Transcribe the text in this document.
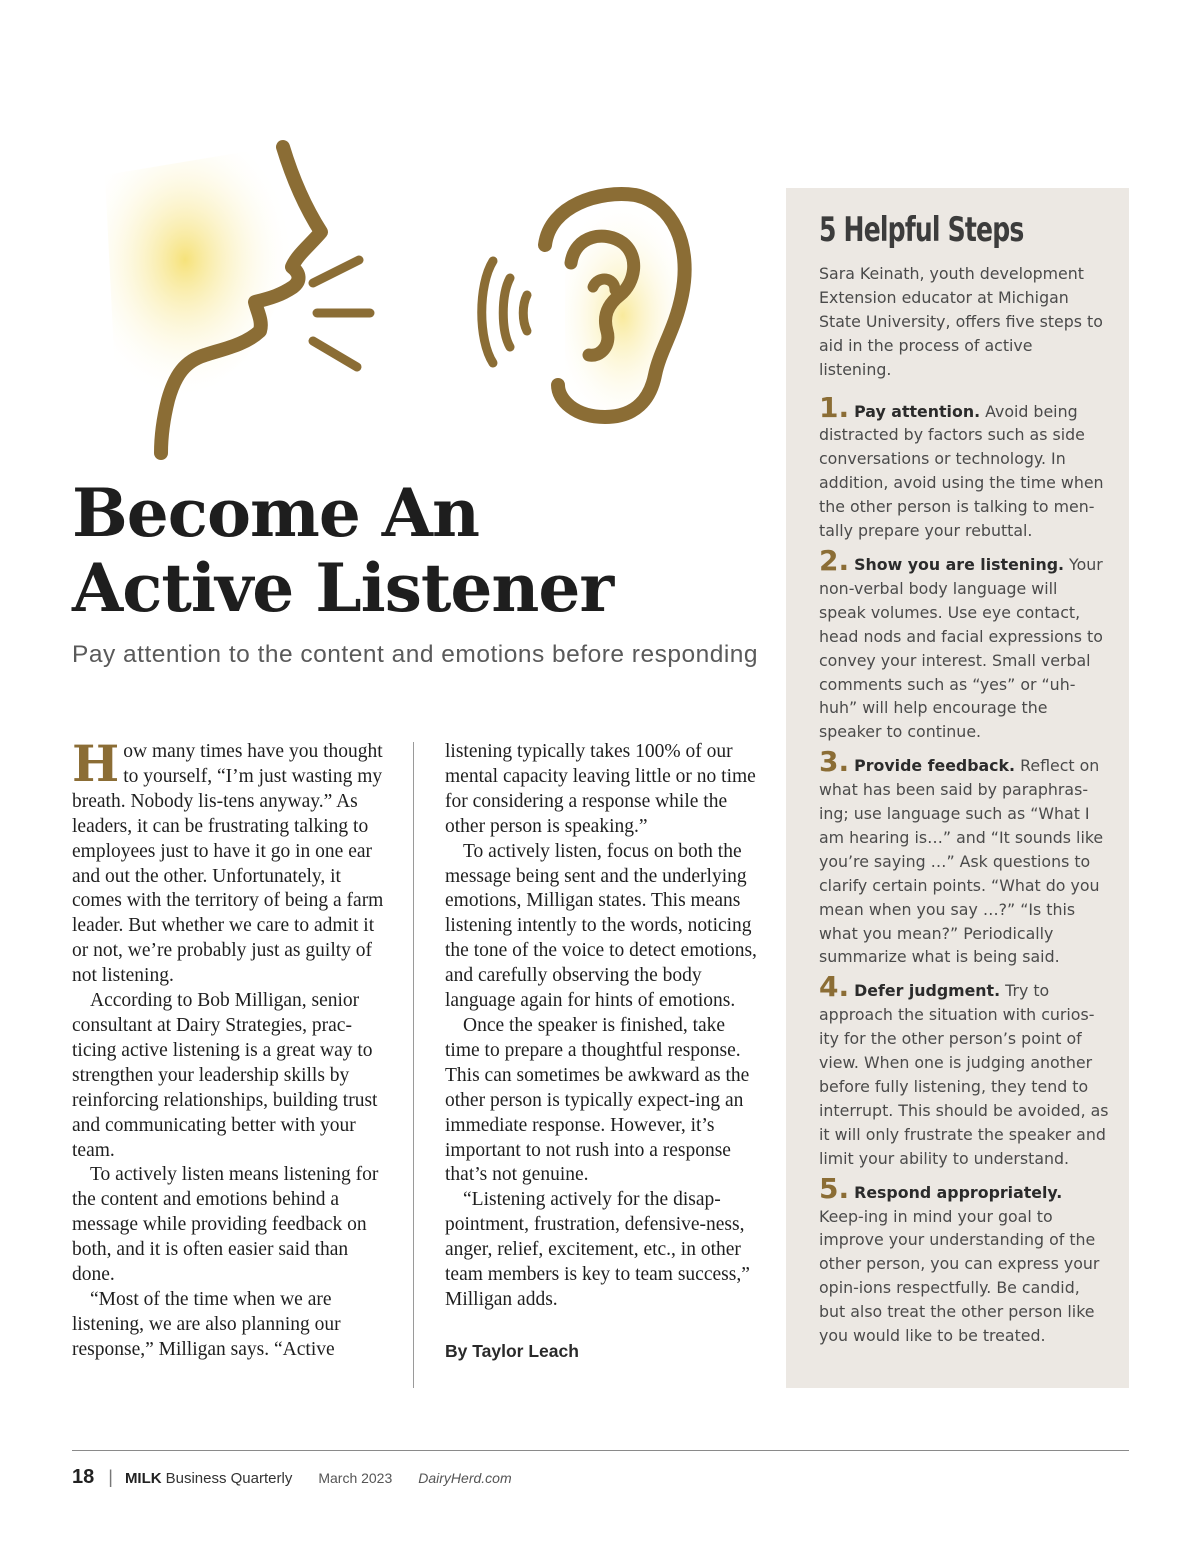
Become An
Active Listener

Pay attention to the content and emotions before responding

How many times have you thought to yourself, “I’m just wasting my breath. Nobody lis-tens anyway.” As leaders, it can be frustrating talking to employees just to have it go in one ear and out the other. Unfortunately, it comes with the territory of being a farm leader. But whether we care to admit it or not, we’re probably just as guilty of not listening.

According to Bob Milligan, senior consultant at Dairy Strategies, prac-ticing active listening is a great way to strengthen your leadership skills by reinforcing relationships, building trust and communicating better with your team.

To actively listen means listening for the content and emotions behind a message while providing feedback on both, and it is often easier said than done.

“Most of the time when we are listening, we are also planning our response,” Milligan says. “Active

listening typically takes 100% of our mental capacity leaving little or no time for considering a response while the other person is speaking.”

To actively listen, focus on both the message being sent and the underlying emotions, Milligan states. This means listening intently to the words, noticing the tone of the voice to detect emotions, and carefully observing the body language again for hints of emotions.

Once the speaker is finished, take time to prepare a thoughtful response. This can sometimes be awkward as the other person is typically expect-ing an immediate response. However, it’s important to not rush into a response that’s not genuine.

“Listening actively for the disap-pointment, frustration, defensive-ness, anger, relief, excitement, etc., in other team members is key to team success,” Milligan adds.

By Taylor Leach

5 Helpful Steps

Sara Keinath, youth development Extension educator at Michigan State University, offers five steps to aid in the process of active listening.

1. Pay attention. Avoid being distracted by factors such as side conversations or technology. In addition, avoid using the time when the other person is talking to men-tally prepare your rebuttal.

2. Show you are listening. Your non-verbal body language will speak volumes. Use eye contact, head nods and facial expressions to convey your interest. Small verbal comments such as “yes” or “uh-huh” will help encourage the speaker to continue.

3. Provide feedback. Reflect on what has been said by paraphras-ing; use language such as “What I am hearing is…” and “It sounds like you’re saying …” Ask questions to clarify certain points. “What do you mean when you say …?” “Is this what you mean?” Periodically summarize what is being said.

4. Defer judgment. Try to approach the situation with curios-ity for the other person’s point of view. When one is judging another before fully listening, they tend to interrupt. This should be avoided, as it will only frustrate the speaker and limit your ability to understand.

5. Respond appropriately. Keep-ing in mind your goal to improve your understanding of the other person, you can express your opin-ions respectfully. Be candid, but also treat the other person like you would like to be treated.

18 | MILK Business Quarterly March 2023 DairyHerd.com
